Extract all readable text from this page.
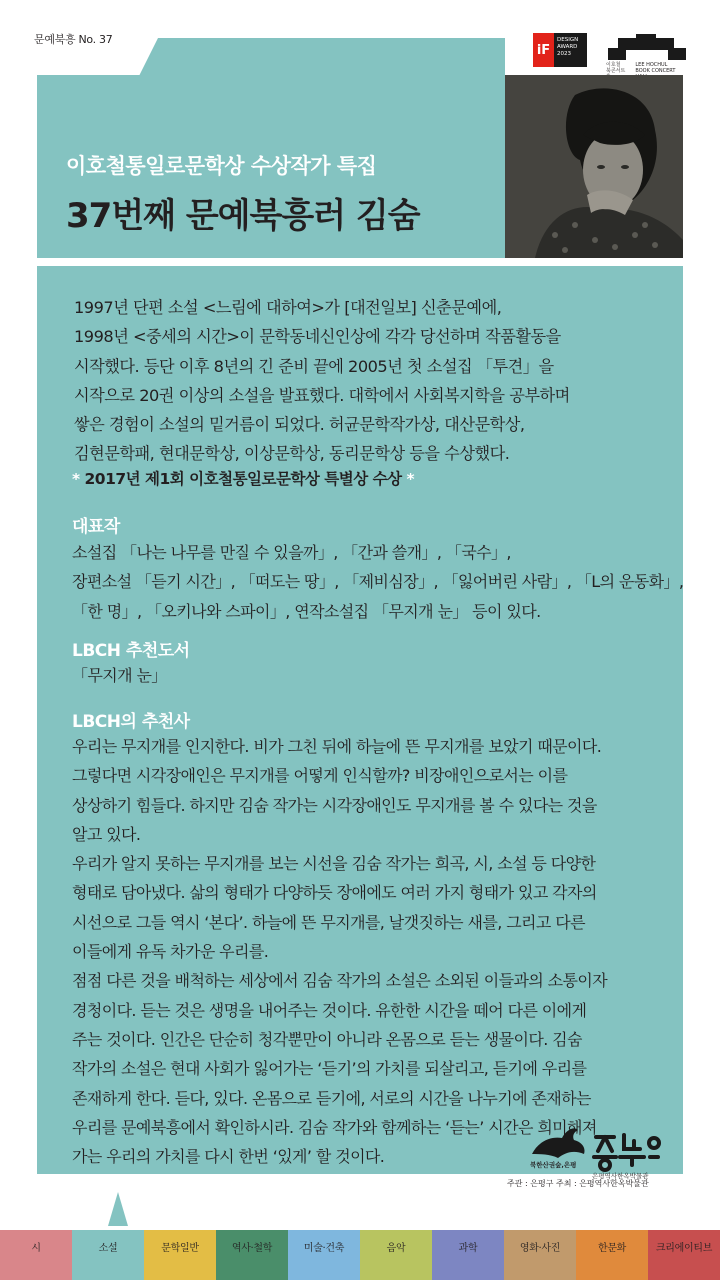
문예북흥 No. 37
iF
DESIGN
AWARD
2023
이호철
북콘서트
LEE HOCHUL
BOOK CONCERT
이호철통일로문학상 수상작가 특집
37번째 문예북흥러 김숨
1997년 단편 소설 <느림에 대하여>가 [대전일보] 신춘문예에,
1998년 <중세의 시간>이 문학동네신인상에 각각 당선하며 작품활동을
시작했다. 등단 이후 8년의 긴 준비 끝에 2005년 첫 소설집 「투견」을
시작으로 20권 이상의 소설을 발표했다. 대학에서 사회복지학을 공부하며
쌓은 경험이 소설의 밑거름이 되었다. 허균문학작가상, 대산문학상,
김현문학패, 현대문학상, 이상문학상, 동리문학상 등을 수상했다.
* 2017년 제1회 이호철통일로문학상 특별상 수상 *
대표작
소설집 「나는 나무를 만질 수 있을까」, 「간과 쓸개」, 「국수」,
장편소설 「듣기 시간」, 「떠도는 땅」, 「제비심장」, 「잃어버린 사람」, 「L의 운동화」,
「한 명」, 「오키나와 스파이」, 연작소설집 「무지개 눈」 등이 있다.
LBCH 추천도서
「무지개 눈」
LBCH의 추천사
우리는 무지개를 인지한다. 비가 그친 뒤에 하늘에 뜬 무지개를 보았기 때문이다.
그렇다면 시각장애인은 무지개를 어떻게 인식할까? 비장애인으로서는 이를
상상하기 힘들다. 하지만 김숨 작가는 시각장애인도 무지개를 볼 수 있다는 것을
알고 있다.
우리가 알지 못하는 무지개를 보는 시선을 김숨 작가는 희곡, 시, 소설 등 다양한
형태로 담아냈다. 삶의 형태가 다양하듯 장애에도 여러 가지 형태가 있고 각자의
시선으로 그들 역시 ‘본다’. 하늘에 뜬 무지개를, 날갯짓하는 새를, 그리고 다른
이들에게 유독 차가운 우리를.
점점 다른 것을 배척하는 세상에서 김숨 작가의 소설은 소외된 이들과의 소통이자
경청이다. 듣는 것은 생명을 내어주는 것이다. 유한한 시간을 떼어 다른 이에게
주는 것이다. 인간은 단순히 청각뿐만이 아니라 온몸으로 듣는 생물이다. 김숨
작가의 소설은 현대 사회가 잃어가는 ‘듣기’의 가치를 되살리고, 듣기에 우리를
존재하게 한다. 듣다, 있다. 온몸으로 듣기에, 서로의 시간을 나누기에 존재하는
우리를 문예북흥에서 확인하시라. 김숨 작가와 함께하는 ‘듣는’ 시간은 희미해져
가는 우리의 가치를 다시 한번 ‘있게’ 할 것이다.	북한산권숲,은평
은평역사한옥박물관
주관 : 은평구 주최 : 은평역사한옥박물관
시	소설	문학일반	역사·철학	미술·건축	음악	과학	영화·사진	한문화	크리에이티브
